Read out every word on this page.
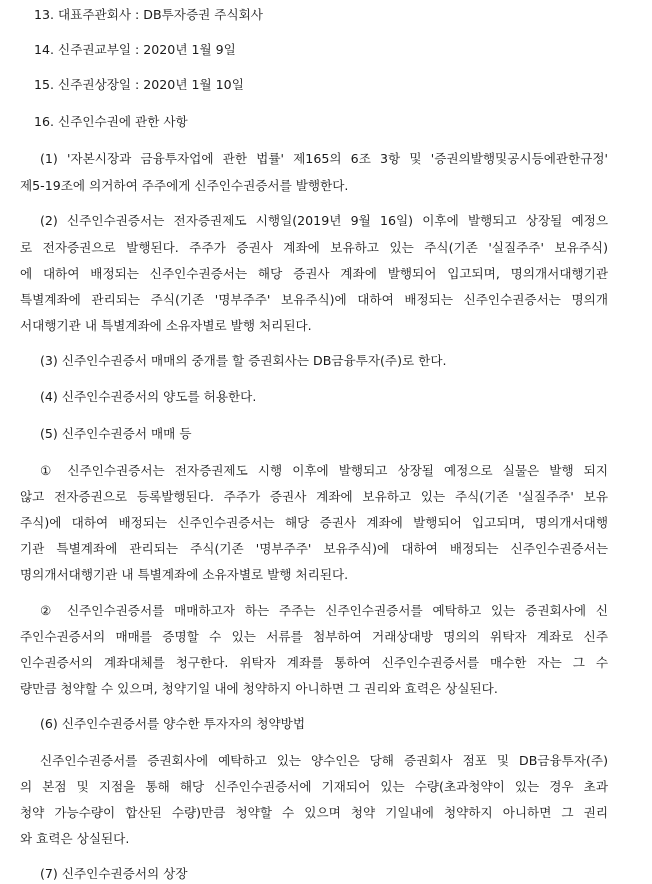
13. 대표주관회사 : DB투자증권 주식회사
14. 신주권교부일 : 2020년 1월 9일
15. 신주권상장일 : 2020년 1월 10일
16. 신주인수권에 관한 사항
(1) '자본시장과 금융투자업에 관한 법률' 제165의 6조 3항 및 '증권의발행및공시등에관한규정'
제5-19조에 의거하여 주주에게 신주인수권증서를 발행한다.
(2) 신주인수권증서는 전자증권제도 시행일(2019년 9월 16일) 이후에 발행되고 상장될 예정으
로 전자증권으로 발행된다. 주주가 증권사 계좌에 보유하고 있는 주식(기존 '실질주주' 보유주식)
에 대하여 배정되는 신주인수권증서는 해당 증권사 계좌에 발행되어 입고되며, 명의개서대행기관
특별계좌에 관리되는 주식(기존 '명부주주' 보유주식)에 대하여 배정되는 신주인수권증서는 명의개
서대행기관 내 특별계좌에 소유자별로 발행 처리된다.
(3) 신주인수권증서 매매의 중개를 할 증권회사는 DB금융투자(주)로 한다.
(4) 신주인수권증서의 양도를 허용한다.
(5) 신주인수권증서 매매 등
① 신주인수권증서는 전자증권제도 시행 이후에 발행되고 상장될 예정으로 실물은 발행 되지
않고 전자증권으로 등록발행된다. 주주가 증권사 계좌에 보유하고 있는 주식(기존 '실질주주' 보유
주식)에 대하여 배정되는 신주인수권증서는 해당 증권사 계좌에 발행되어 입고되며, 명의개서대행
기관 특별계좌에 관리되는 주식(기존 '명부주주' 보유주식)에 대하여 배정되는 신주인수권증서는
명의개서대행기관 내 특별계좌에 소유자별로 발행 처리된다.
② 신주인수권증서를 매매하고자 하는 주주는 신주인수권증서를 예탁하고 있는 증권회사에 신
주인수권증서의 매매를 증명할 수 있는 서류를 첨부하여 거래상대방 명의의 위탁자 계좌로 신주
인수권증서의 계좌대체를 청구한다. 위탁자 계좌를 통하여 신주인수권증서를 매수한 자는 그 수
량만큼 청약할 수 있으며, 청약기일 내에 청약하지 아니하면 그 권리와 효력은 상실된다.
(6) 신주인수권증서를 양수한 투자자의 청약방법
신주인수권증서를 증권회사에 예탁하고 있는 양수인은 당해 증권회사 점포 및 DB금융투자(주)
의 본점 및 지점을 통해 해당 신주인수권증서에 기재되어 있는 수량(초과청약이 있는 경우 초과
청약 가능수량이 합산된 수량)만큼 청약할 수 있으며 청약 기일내에 청약하지 아니하면 그 권리
와 효력은 상실된다.
(7) 신주인수권증서의 상장
